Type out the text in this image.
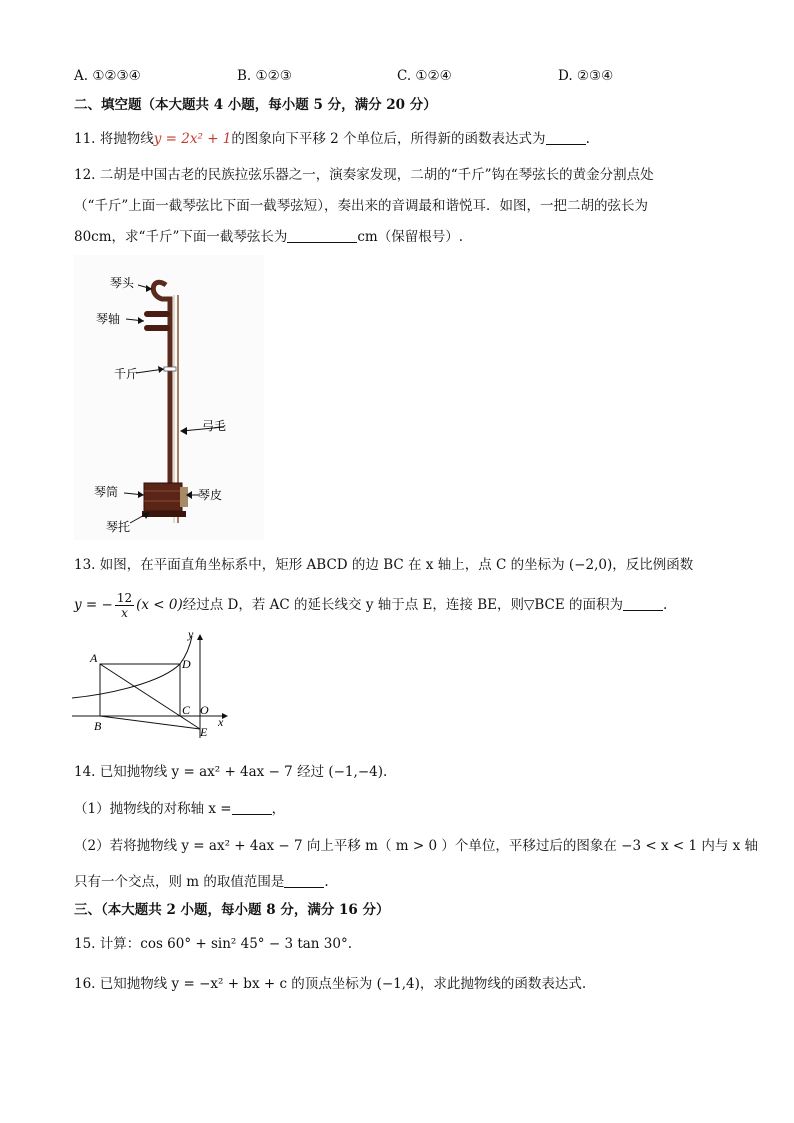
A. ①②③④	B. ①②③	C. ①②④	D. ②③④
二、填空题（本大题共 4 小题，每小题 5 分，满分 20 分）
11. 将抛物线y = 2x² + 1的图象向下平移 2 个单位后，所得新的函数表达式为	.
12. 二胡是中国古老的民族拉弦乐器之一，演奏家发现，二胡的“千斤”钩在琴弦长的黄金分割点处
（“千斤”上面一截琴弦比下面一截琴弦短），奏出来的音调最和谐悦耳．如图，一把二胡的弦长为
80cm，求“千斤”下面一截琴弦长为	cm（保留根号）.
琴头
琴轴
千斤
弓毛
琴筒	琴皮
琴托
13. 如图，在平面直角坐标系中，矩形 ABCD 的边 BC 在 x 轴上，点 C 的坐标为 (−2,0)，反比例函数
y = − $\frac{12}{x} (x < 0)$经过点 D，若 AC 的延长线交 y 轴于点 E，连接 BE，则▽BCE 的面积为	.
A
B
C
D
E
O
x
y
14. 已知抛物线 y = ax² + 4ax − 7 经过 (−1,−4).
（1）抛物线的对称轴 x =	，
（2）若将抛物线 y = ax² + 4ax − 7 向上平移 m（ m > 0 ）个单位，平移过后的图象在 −3 < x < 1 内与 x 轴
只有一个交点，则 m 的取值范围是	.
三、（本大题共 2 小题，每小题 8 分，满分 16 分）
15. 计算：cos 60° + sin² 45° − 3 tan 30°.
16. 已知抛物线 y = −x² + bx + c 的顶点坐标为 (−1,4)，求此抛物线的函数表达式.
